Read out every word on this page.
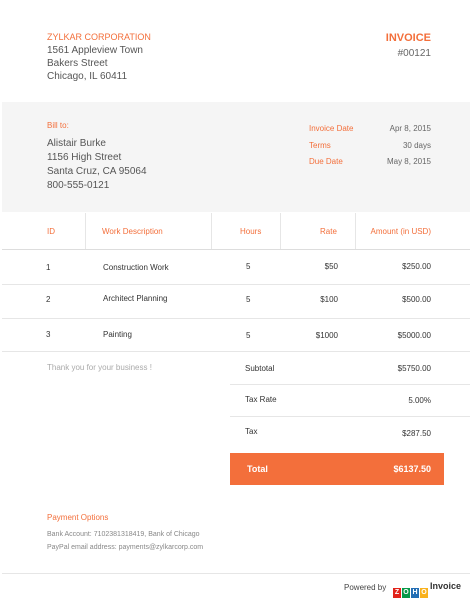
ZYLKAR CORPORATION
1561 Appleview Town
Bakers Street
Chicago, IL 60411
INVOICE
#00121
Bill to:
Alistair Burke
1156 High Street
Santa Cruz, CA 95064
800-555-0121
Invoice Date	Apr 8, 2015
Terms	30 days
Due Date	May 8, 2015
ID	Work Description	Hours	Rate	Amount (in USD)
1	Construction Work	5	$50	$250.00
2	Architect Planning	5	$100	$500.00
3	Painting	5	$1000	$5000.00
Thank you for your business !	Subtotal	$5750.00
Tax Rate	5.00%
Tax	$287.50
Total	$6137.50
Payment Options
Bank Account: 7102381318419, Bank of Chicago
PayPal email address: payments@zylkarcorp.com
Powered by
Z O H O
Invoice
